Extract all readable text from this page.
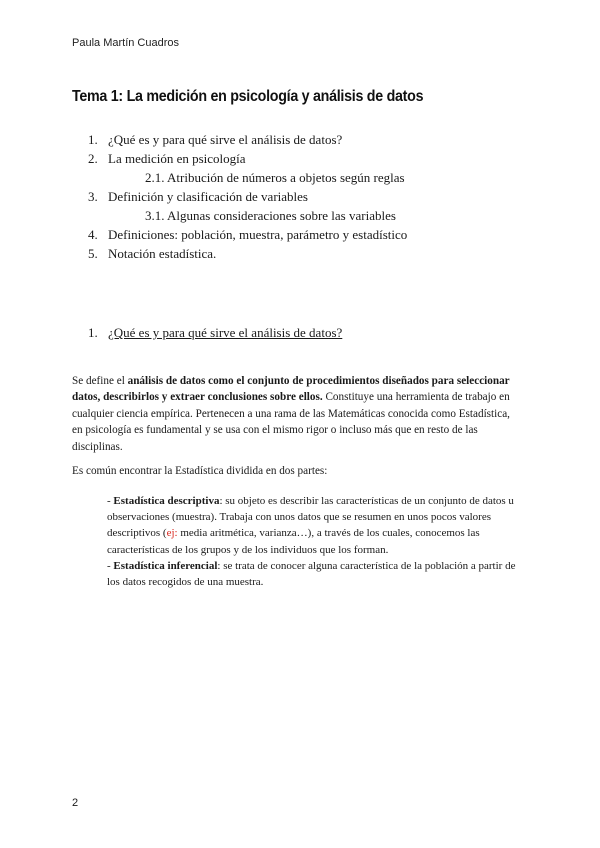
Paula Martín Cuadros
Tema 1: La medición en psicología y análisis de datos
1. ¿Qué es y para qué sirve el análisis de datos?
2. La medición en psicología
2.1. Atribución de números a objetos según reglas
3. Definición y clasificación de variables
3.1. Algunas consideraciones sobre las variables
4. Definiciones: población, muestra, parámetro y estadístico
5. Notación estadística.
1. ¿Qué es y para qué sirve el análisis de datos?
Se define el análisis de datos como el conjunto de procedimientos diseñados para seleccionar datos, describirlos y extraer conclusiones sobre ellos. Constituye una herramienta de trabajo en cualquier ciencia empírica. Pertenecen a una rama de las Matemáticas conocida como Estadística, en psicología es fundamental y se usa con el mismo rigor o incluso más que en resto de las disciplinas.
Es común encontrar la Estadística dividida en dos partes:
- Estadística descriptiva: su objeto es describir las características de un conjunto de datos u observaciones (muestra). Trabaja con unos datos que se resumen en unos pocos valores descriptivos (ej: media aritmética, varianza…), a través de los cuales, conocemos las características de los grupos y de los individuos que los forman.
- Estadística inferencial: se trata de conocer alguna característica de la población a partir de los datos recogidos de una muestra.
2
